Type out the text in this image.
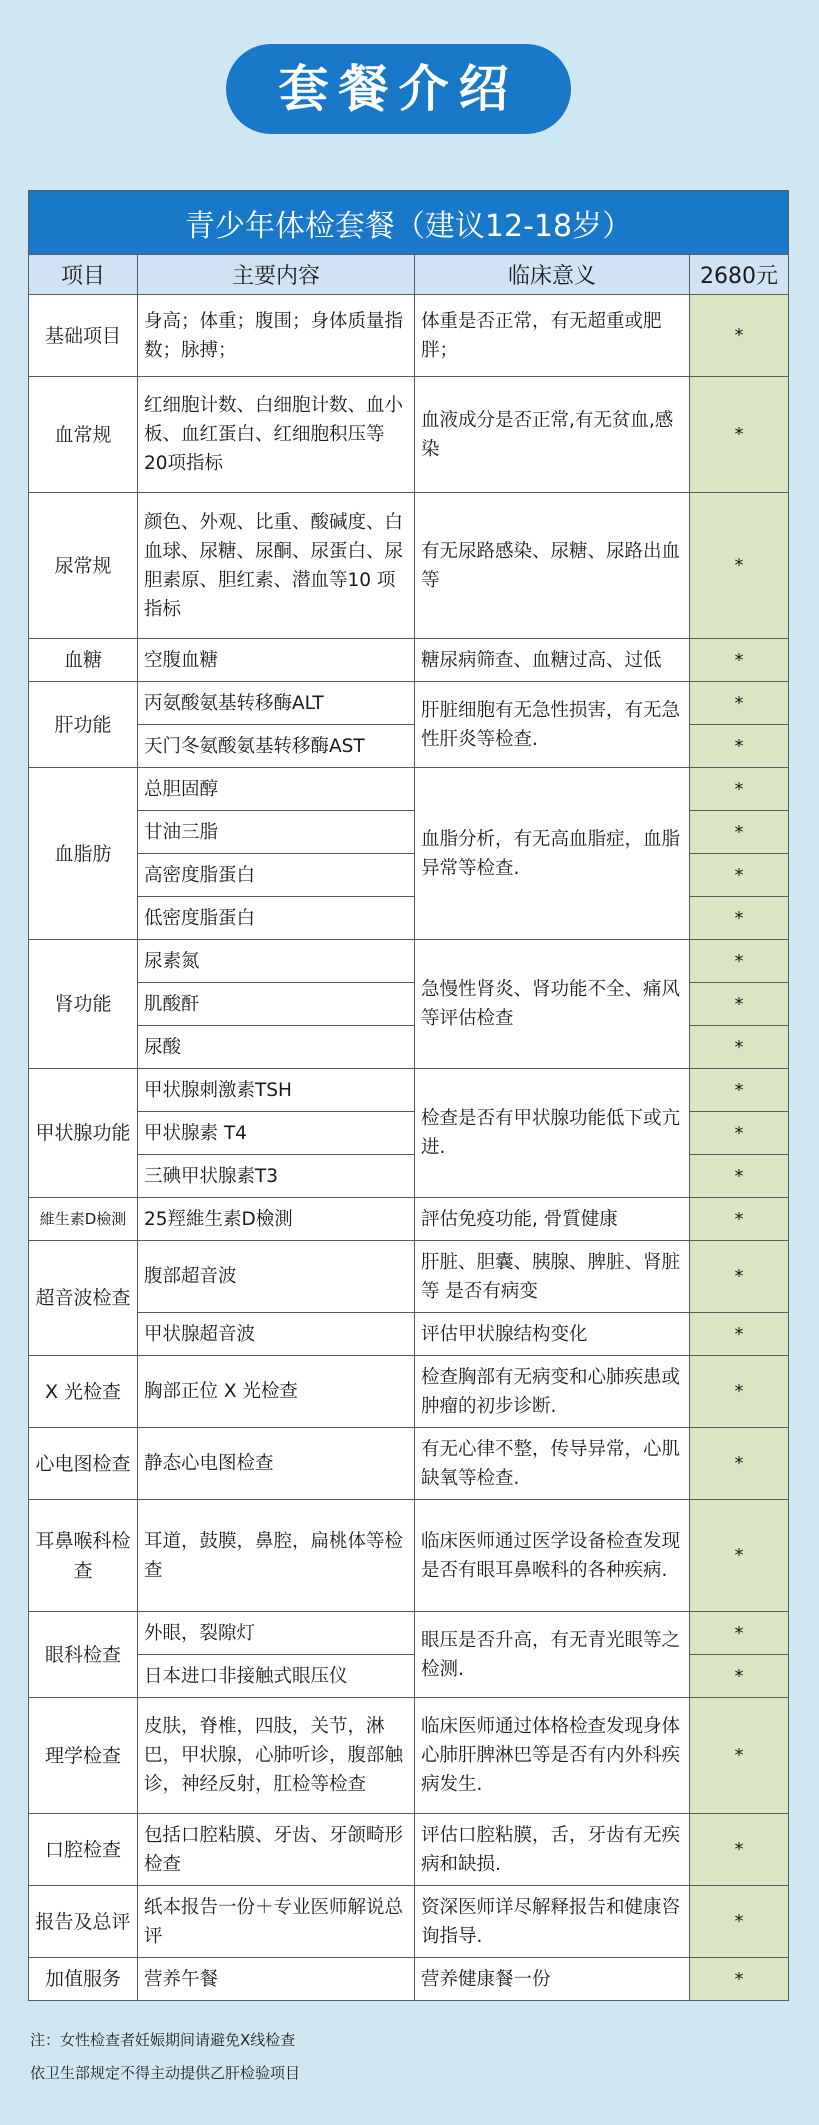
套餐介绍
青少年体检套餐（建议12-18岁）			
项目	主要内容	临床意义	2680元
基础项目	身高；体重；腹围；身体质量指数；脉搏；	体重是否正常，有无超重或肥胖；	*
血常规	红细胞计数、白细胞计数、血小板、血红蛋白、红细胞积压等 20项指标	血液成分是否正常,有无贫血,感染	*
尿常规	颜色、外观、比重、酸碱度、白血球、尿糖、尿酮、尿蛋白、尿胆素原、胆红素、潜血等10 项指标	有无尿路感染、尿糖、尿路出血等	*
血糖	空腹血糖	糖尿病筛查、血糖过高、过低	*
肝功能	丙氨酸氨基转移酶ALT	肝脏细胞有无急性损害，有无急性肝炎等检查.	*
	天门冬氨酸氨基转移酶AST		*
血脂肪	总胆固醇	血脂分析，有无高血脂症，血脂异常等检查.	*
	甘油三脂		*
	高密度脂蛋白		*
	低密度脂蛋白		*
肾功能	尿素氮	急慢性肾炎、肾功能不全、痛风等评估检查	*
	肌酸酐		*
	尿酸		*
甲状腺功能	甲状腺刺激素TSH	检查是否有甲状腺功能低下或亢进.	*
	甲状腺素 T4		*
	三碘甲状腺素T3		*
維生素D檢測	25羥維生素D檢測	評估免疫功能, 骨質健康	*
超音波检查	腹部超音波	肝脏、胆囊、胰腺、脾脏、肾脏等 是否有病变	*
	甲状腺超音波	评估甲状腺结构变化	*
X 光检查	胸部正位 X 光检查	检查胸部有无病变和心肺疾患或肿瘤的初步诊断.	*
心电图检查	静态心电图检查	有无心律不整，传导异常，心肌缺氧等检查.	*
耳鼻喉科检查	耳道，鼓膜，鼻腔，扁桃体等检查	临床医师通过医学设备检查发现是否有眼耳鼻喉科的各种疾病.	*
眼科检查	外眼，裂隙灯	眼压是否升高，有无青光眼等之检测.	*
	日本进口非接触式眼压仪		*
理学检查	皮肤，脊椎，四肢，关节，淋巴，甲状腺，心肺听诊，腹部触诊，神经反射，肛检等检查	临床医师通过体格检查发现身体心肺肝脾淋巴等是否有内外科疾病发生.	*
口腔检查	包括口腔粘膜、牙齿、牙颌畸形检查	评估口腔粘膜，舌，牙齿有无疾病和缺损.	*
报告及总评	纸本报告一份＋专业医师解说总评	资深医师详尽解释报告和健康咨询指导.	*
加值服务	营养午餐	营养健康餐一份	*
注：女性检查者妊娠期间请避免X线检查
依卫生部规定不得主动提供乙肝检验项目
